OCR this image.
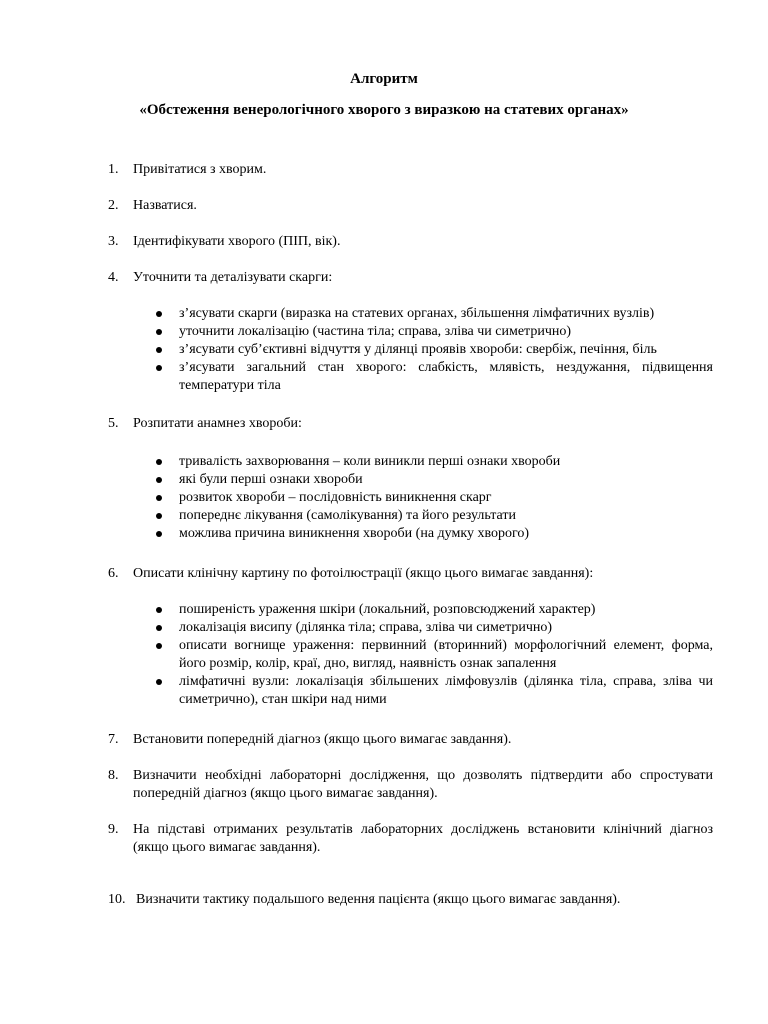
Алгоритм
«Обстеження венерологічного хворого з виразкою на статевих органах»
1. Привітатися з хворим.
2. Назватися.
3. Ідентифікувати хворого (ПІП, вік).
4. Уточнити та деталізувати скарги:
з’ясувати скарги (виразка на статевих органах, збільшення лімфатичних вузлів)
уточнити локалізацію (частина тіла; справа, зліва чи симетрично)
з’ясувати суб’єктивні відчуття у ділянці проявів хвороби: свербіж, печіння, біль
з’ясувати загальний стан хворого: слабкість, млявість, нездужання, підвищення температури тіла
5. Розпитати анамнез хвороби:
тривалість захворювання – коли виникли перші ознаки хвороби
які були перші ознаки хвороби
розвиток хвороби – послідовність виникнення скарг
попереднє лікування (самолікування) та його результати
можлива причина виникнення хвороби (на думку хворого)
6. Описати клінічну картину по фотоілюстрації (якщо цього вимагає завдання):
поширеність ураження шкіри (локальний, розповсюджений характер)
локалізація висипу (ділянка тіла; справа, зліва чи симетрично)
описати вогнище ураження: первинний (вторинний) морфологічний елемент, форма, його розмір, колір, краї, дно, вигляд, наявність ознак запалення
лімфатичні вузли: локалізація збільшених лімфовузлів (ділянка тіла, справа, зліва чи симетрично), стан шкіри над ними
7. Встановити попередній діагноз (якщо цього вимагає завдання).
8. Визначити необхідні лабораторні дослідження, що дозволять підтвердити або спростувати попередній діагноз (якщо цього вимагає завдання).
9. На підставі отриманих результатів лабораторних досліджень встановити клінічний діагноз (якщо цього вимагає завдання).
10. Визначити тактику подальшого ведення пацієнта (якщо цього вимагає завдання).
